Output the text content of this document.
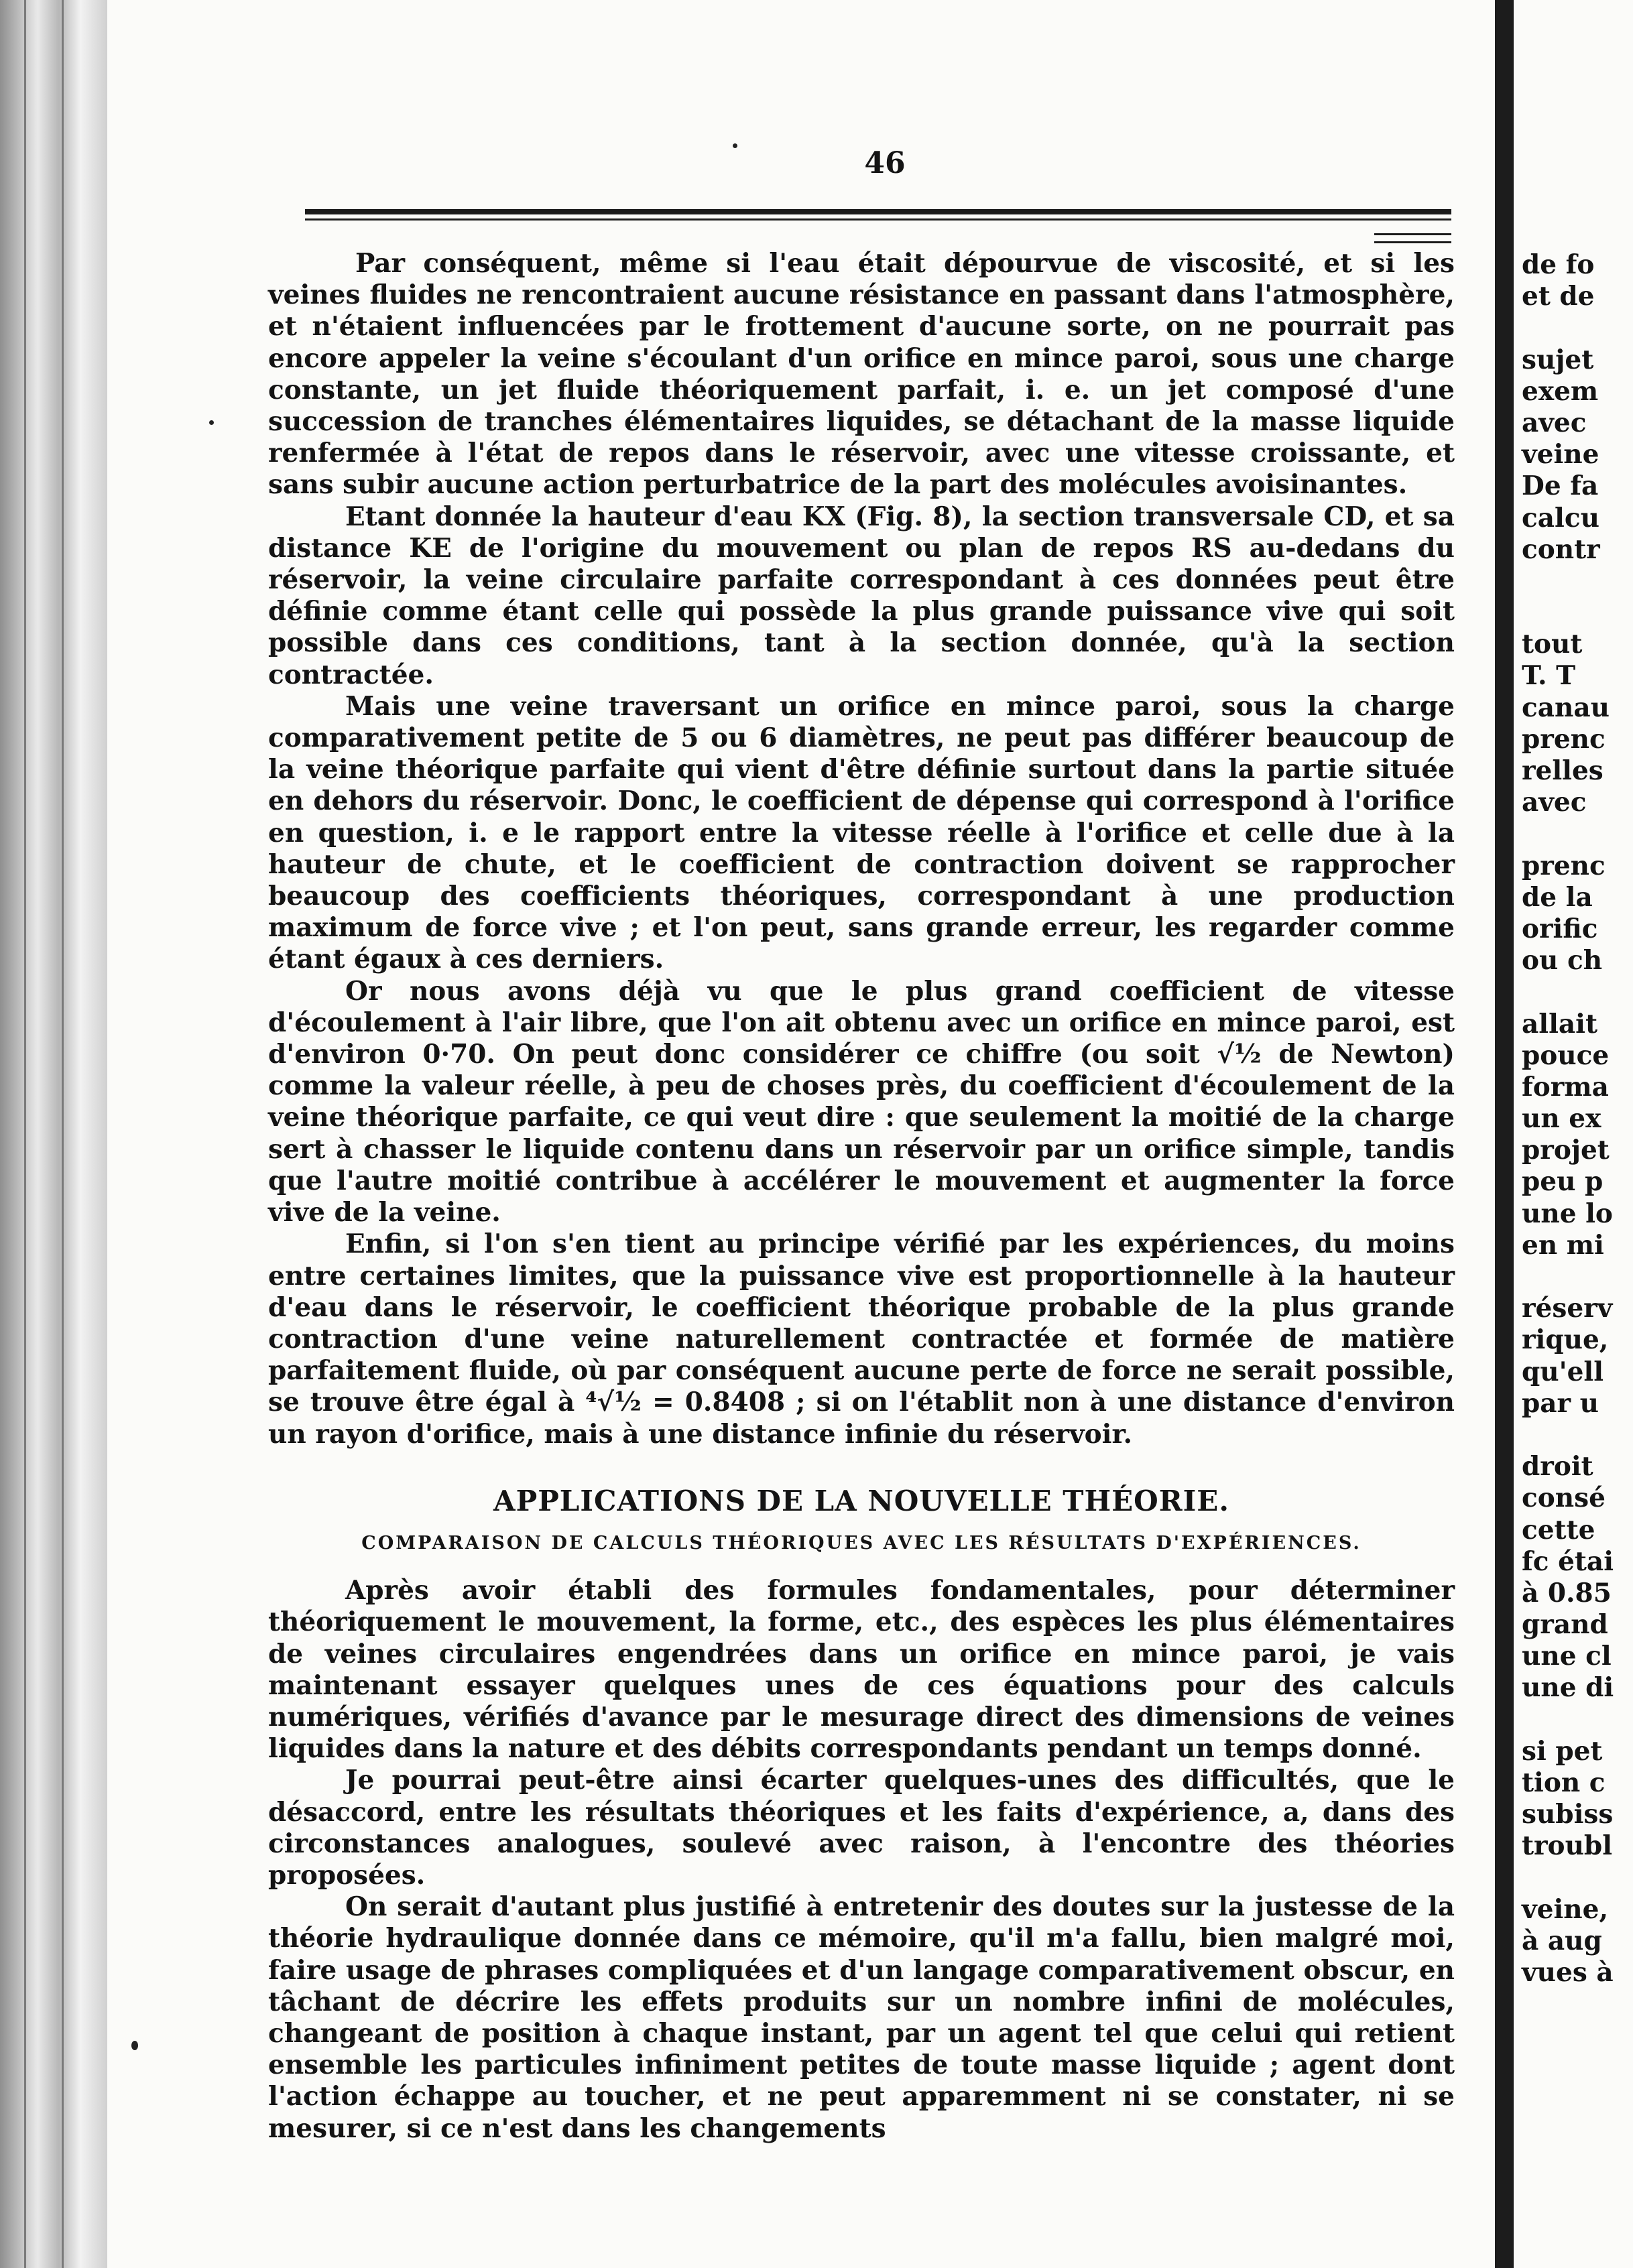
de fo
et de
sujet
exem
avec
veine
De fa
calcu
contr
tout
T. T
canau
prenc
relles
avec
prenc
de la
orific
ou ch
allait
pouce
forma
un ex
projet
peu p
une lo
en mi
réserv
rique,
qu'ell
par u
droit
consé
cette
fc étai
à 0.85
grand
une cl
une di
si pet
tion c
subiss
troubl
veine,
à aug
vues à
46

Par conséquent, même si l'eau était dépourvue de viscosité, et si les veines fluides ne rencontraient aucune résistance en passant dans l'atmosphère, et n'étaient influencées par le frottement d'aucune sorte, on ne pourrait pas encore appeler la veine s'écoulant d'un orifice en mince paroi, sous une charge constante, un jet fluide théoriquement parfait, i. e. un jet composé d'une succession de tranches élémentaires liquides, se détachant de la masse liquide renfermée à l'état de repos dans le réservoir, avec une vitesse croissante, et sans subir aucune action perturbatrice de la part des molécules avoisinantes.

Etant donnée la hauteur d'eau KX (Fig. 8), la section transversale CD, et sa distance KE de l'origine du mouvement ou plan de repos RS au-dedans du réservoir, la veine circulaire parfaite correspondant à ces données peut être définie comme étant celle qui possède la plus grande puissance vive qui soit possible dans ces conditions, tant à la section donnée, qu'à la section contractée.

Mais une veine traversant un orifice en mince paroi, sous la charge comparativement petite de 5 ou 6 diamètres, ne peut pas différer beaucoup de la veine théorique parfaite qui vient d'être définie surtout dans la partie située en dehors du réservoir. Donc, le coefficient de dépense qui correspond à l'orifice en question, i. e le rapport entre la vitesse réelle à l'orifice et celle due à la hauteur de chute, et le coefficient de contraction doivent se rapprocher beaucoup des coefficients théoriques, correspondant à une production maximum de force vive ; et l'on peut, sans grande erreur, les regarder comme étant égaux à ces derniers.

Or nous avons déjà vu que le plus grand coefficient de vitesse d'écoulement à l'air libre, que l'on ait obtenu avec un orifice en mince paroi, est d'environ 0·70. On peut donc considérer ce chiffre (ou soit √½ de Newton) comme la valeur réelle, à peu de choses près, du coefficient d'écoulement de la veine théorique parfaite, ce qui veut dire : que seulement la moitié de la charge sert à chasser le liquide contenu dans un réservoir par un orifice simple, tandis que l'autre moitié contribue à accélérer le mouvement et augmenter la force vive de la veine.

Enfin, si l'on s'en tient au principe vérifié par les expériences, du moins entre certaines limites, que la puissance vive est proportionnelle à la hauteur d'eau dans le réservoir, le coefficient théorique probable de la plus grande contraction d'une veine naturellement contractée et formée de matière parfaitement fluide, où par conséquent aucune perte de force ne serait possible, se trouve être égal à ⁴√½ = 0.8408 ; si on l'établit non à une distance d'environ un rayon d'orifice, mais à une distance infinie du réservoir.

APPLICATIONS DE LA NOUVELLE THÉORIE.
COMPARAISON DE CALCULS THÉORIQUES AVEC LES RÉSULTATS D'EXPÉRIENCES.

Après avoir établi des formules fondamentales, pour déterminer théoriquement le mouvement, la forme, etc., des espèces les plus élémentaires de veines circulaires engendrées dans un orifice en mince paroi, je vais maintenant essayer quelques unes de ces équations pour des calculs numériques, vérifiés d'avance par le mesurage direct des dimensions de veines liquides dans la nature et des débits correspondants pendant un temps donné.

Je pourrai peut-être ainsi écarter quelques-unes des difficultés, que le désaccord, entre les résultats théoriques et les faits d'expérience, a, dans des circonstances analogues, soulevé avec raison, à l'encontre des théories proposées.

On serait d'autant plus justifié à entretenir des doutes sur la justesse de la théorie hydraulique donnée dans ce mémoire, qu'il m'a fallu, bien malgré moi, faire usage de phrases compliquées et d'un langage comparativement obscur, en tâchant de décrire les effets produits sur un nombre infini de molécules, changeant de position à chaque instant, par un agent tel que celui qui retient ensemble les particules infiniment petites de toute masse liquide ; agent dont l'action échappe au toucher, et ne peut apparemment ni se constater, ni se mesurer, si ce n'est dans les changements
